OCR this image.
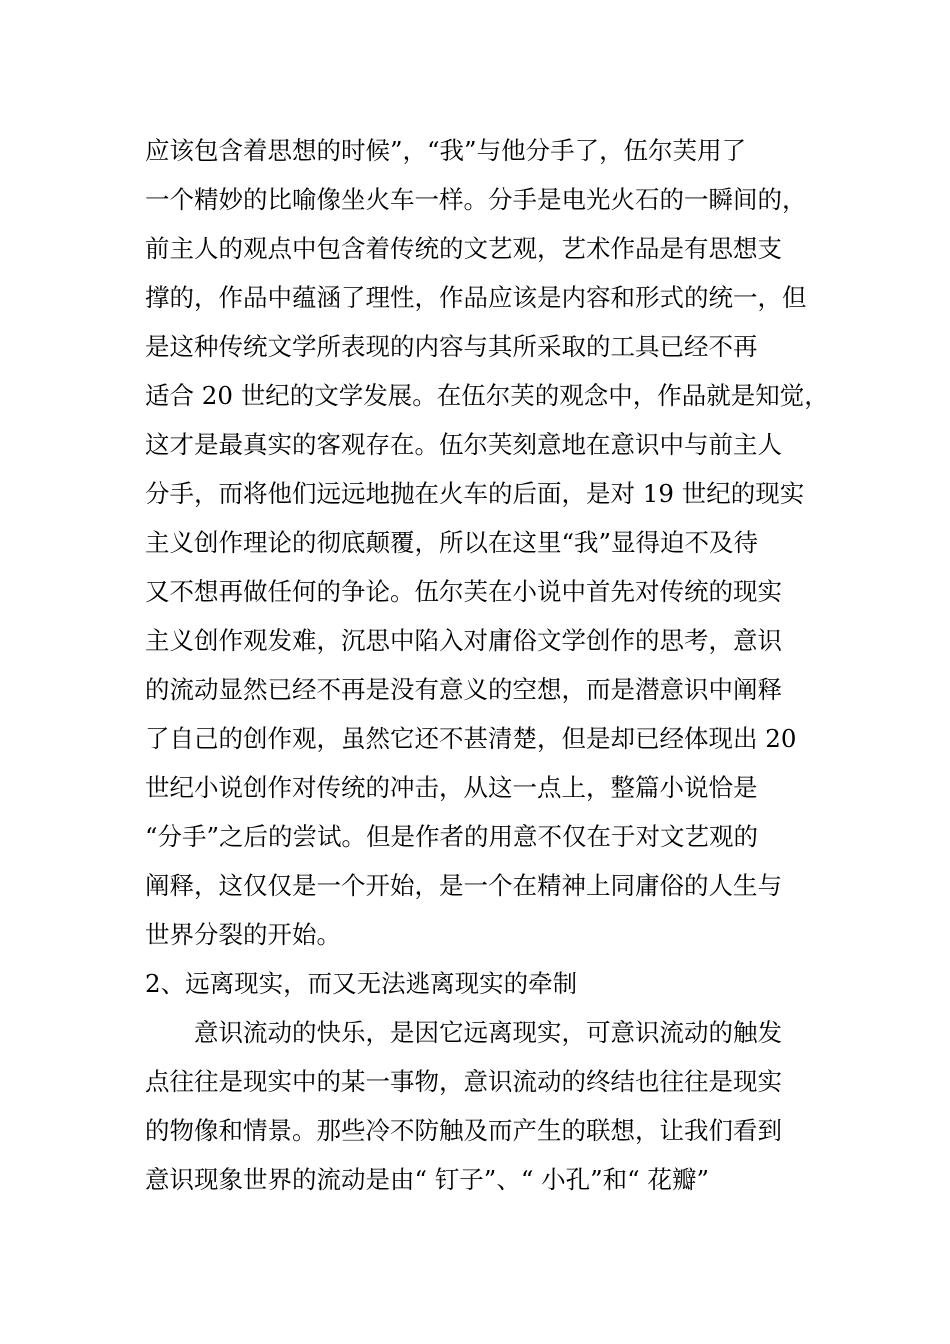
应该包含着思想的时候”，“我”与他分手了，伍尔芙用了
一个精妙的比喻像坐火车一样。分手是电光火石的一瞬间的，
前主人的观点中包含着传统的文艺观，艺术作品是有思想支
撑的，作品中蕴涵了理性，作品应该是内容和形式的统一，但
是这种传统文学所表现的内容与其所采取的工具已经不再
适合 20 世纪的文学发展。在伍尔芙的观念中，作品就是知觉，
这才是最真实的客观存在。伍尔芙刻意地在意识中与前主人
分手，而将他们远远地抛在火车的后面，是对 19 世纪的现实
主义创作理论的彻底颠覆，所以在这里“我”显得迫不及待
又不想再做任何的争论。伍尔芙在小说中首先对传统的现实
主义创作观发难，沉思中陷入对庸俗文学创作的思考，意识
的流动显然已经不再是没有意义的空想，而是潜意识中阐释
了自己的创作观，虽然它还不甚清楚，但是却已经体现出 20
世纪小说创作对传统的冲击，从这一点上，整篇小说恰是
“分手”之后的尝试。但是作者的用意不仅在于对文艺观的
阐释，这仅仅是一个开始，是一个在精神上同庸俗的人生与
世界分裂的开始。
2、远离现实，而又无法逃离现实的牵制
意识流动的快乐，是因它远离现实，可意识流动的触发
点往往是现实中的某一事物，意识流动的终结也往往是现实
的物像和情景。那些冷不防触及而产生的联想，让我们看到
意识现象世界的流动是由“ 钉子”、“ 小孔”和“ 花瓣”
